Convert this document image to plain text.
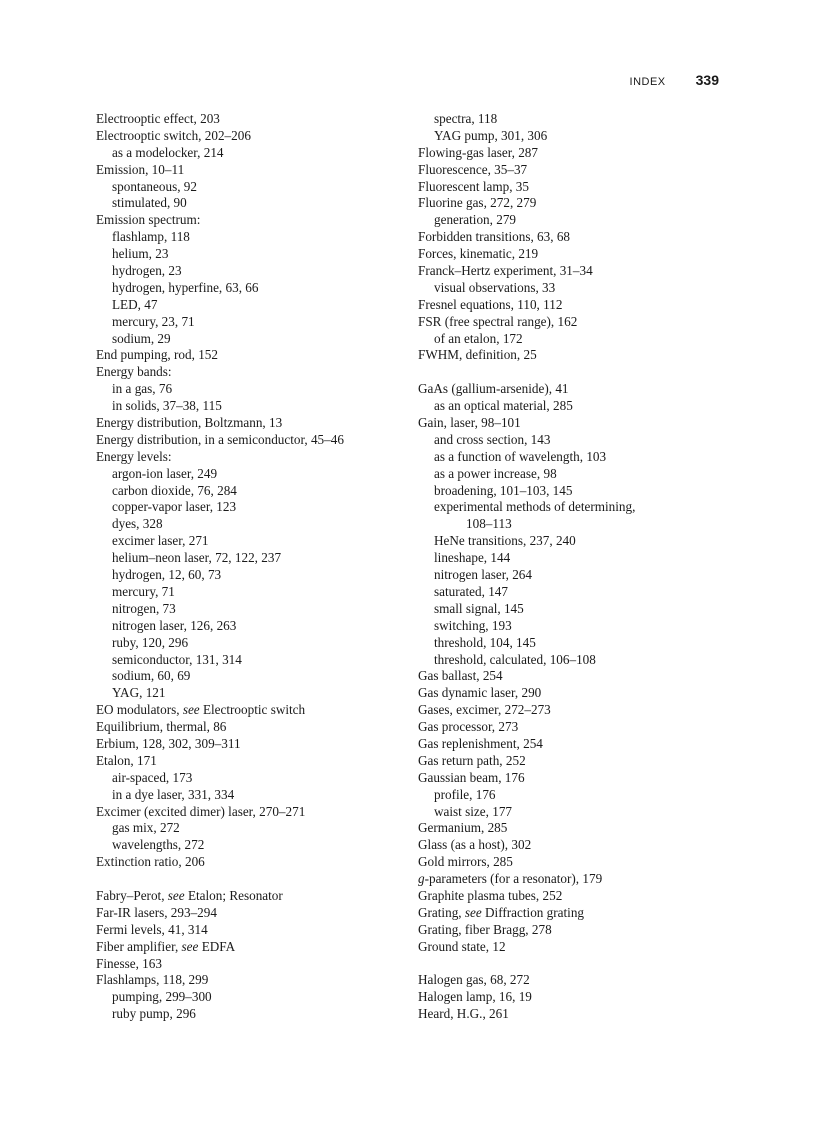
INDEX 339
Electrooptic effect, 203
Electrooptic switch, 202–206
as a modelocker, 214
Emission, 10–11
spontaneous, 92
stimulated, 90
Emission spectrum:
flashlamp, 118
helium, 23
hydrogen, 23
hydrogen, hyperfine, 63, 66
LED, 47
mercury, 23, 71
sodium, 29
End pumping, rod, 152
Energy bands:
in a gas, 76
in solids, 37–38, 115
Energy distribution, Boltzmann, 13
Energy distribution, in a semiconductor, 45–46
Energy levels:
argon-ion laser, 249
carbon dioxide, 76, 284
copper-vapor laser, 123
dyes, 328
excimer laser, 271
helium–neon laser, 72, 122, 237
hydrogen, 12, 60, 73
mercury, 71
nitrogen, 73
nitrogen laser, 126, 263
ruby, 120, 296
semiconductor, 131, 314
sodium, 60, 69
YAG, 121
EO modulators, see Electrooptic switch
Equilibrium, thermal, 86
Erbium, 128, 302, 309–311
Etalon, 171
air-spaced, 173
in a dye laser, 331, 334
Excimer (excited dimer) laser, 270–271
gas mix, 272
wavelengths, 272
Extinction ratio, 206
Fabry–Perot, see Etalon; Resonator
Far-IR lasers, 293–294
Fermi levels, 41, 314
Fiber amplifier, see EDFA
Finesse, 163
Flashlamps, 118, 299
pumping, 299–300
ruby pump, 296
spectra, 118
YAG pump, 301, 306
Flowing-gas laser, 287
Fluorescence, 35–37
Fluorescent lamp, 35
Fluorine gas, 272, 279
generation, 279
Forbidden transitions, 63, 68
Forces, kinematic, 219
Franck–Hertz experiment, 31–34
visual observations, 33
Fresnel equations, 110, 112
FSR (free spectral range), 162
of an etalon, 172
FWHM, definition, 25
GaAs (gallium-arsenide), 41
as an optical material, 285
Gain, laser, 98–101
and cross section, 143
as a function of wavelength, 103
as a power increase, 98
broadening, 101–103, 145
experimental methods of determining,
108–113
HeNe transitions, 237, 240
lineshape, 144
nitrogen laser, 264
saturated, 147
small signal, 145
switching, 193
threshold, 104, 145
threshold, calculated, 106–108
Gas ballast, 254
Gas dynamic laser, 290
Gases, excimer, 272–273
Gas processor, 273
Gas replenishment, 254
Gas return path, 252
Gaussian beam, 176
profile, 176
waist size, 177
Germanium, 285
Glass (as a host), 302
Gold mirrors, 285
g-parameters (for a resonator), 179
Graphite plasma tubes, 252
Grating, see Diffraction grating
Grating, fiber Bragg, 278
Ground state, 12
Halogen gas, 68, 272
Halogen lamp, 16, 19
Heard, H.G., 261
